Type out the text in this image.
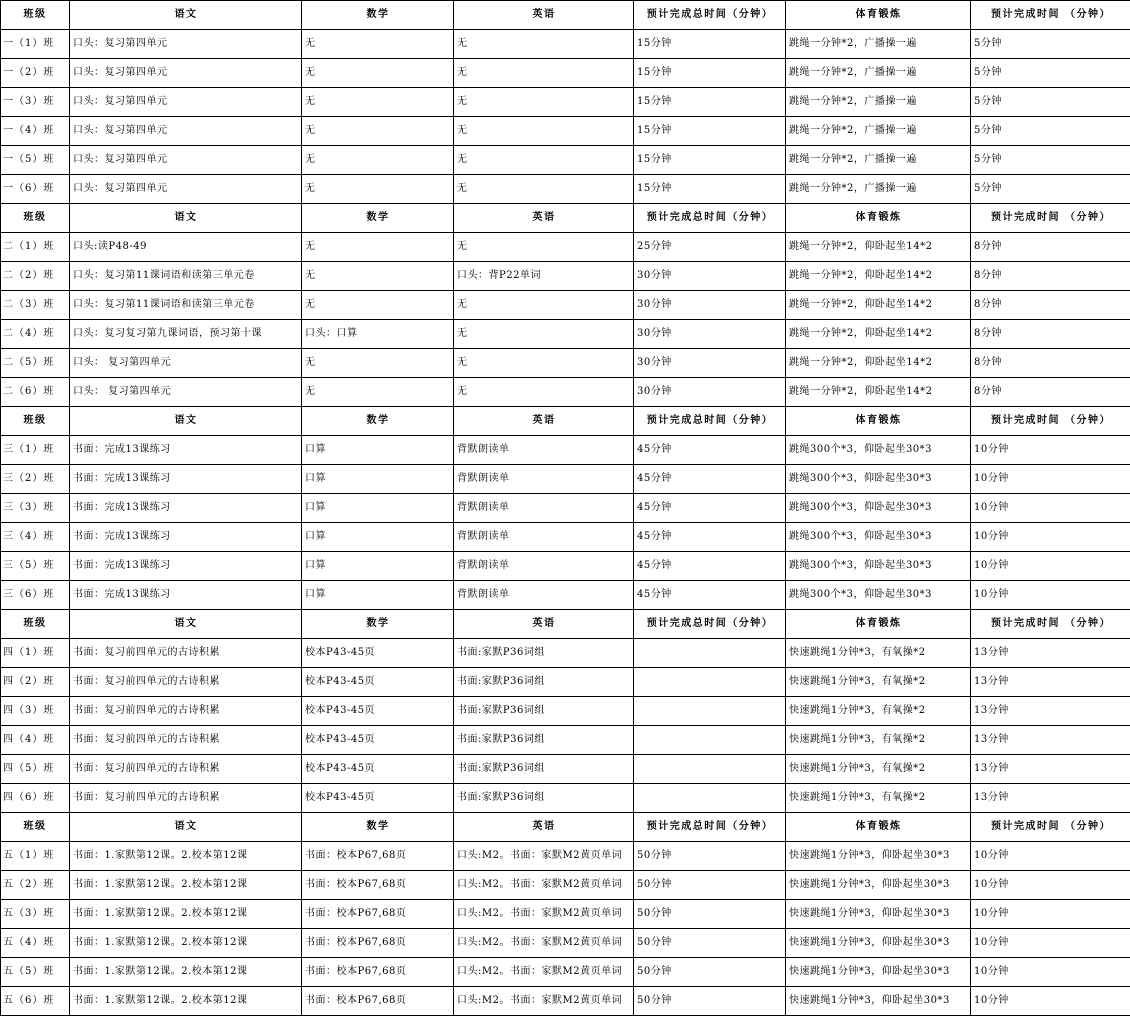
班级	语文	数学	英语	预计完成总时间（分钟）	体育锻炼	预计完成时间 （分钟）
一（1）班	口头：复习第四单元	无	无	15分钟	跳绳一分钟*2，广播操一遍	5分钟
一（2）班	口头：复习第四单元	无	无	15分钟	跳绳一分钟*2，广播操一遍	5分钟
一（3）班	口头：复习第四单元	无	无	15分钟	跳绳一分钟*2，广播操一遍	5分钟
一（4）班	口头：复习第四单元	无	无	15分钟	跳绳一分钟*2，广播操一遍	5分钟
一（5）班	口头：复习第四单元	无	无	15分钟	跳绳一分钟*2，广播操一遍	5分钟
一（6）班	口头：复习第四单元	无	无	15分钟	跳绳一分钟*2，广播操一遍	5分钟
班级	语文	数学	英语	预计完成总时间（分钟）	体育锻炼	预计完成时间 （分钟）
二（1）班	口头:读P48-49	无	无	25分钟	跳绳一分钟*2，仰卧起坐14*2	8分钟
二（2）班	口头：复习第11课词语和读第三单元卷	无	口头：背P22单词	30分钟	跳绳一分钟*2，仰卧起坐14*2	8分钟
二（3）班	口头：复习第11课词语和读第三单元卷	无	无	30分钟	跳绳一分钟*2，仰卧起坐14*2	8分钟
二（4）班	口头：复习复习第九课词语，预习第十课	口头：口算	无	30分钟	跳绳一分钟*2，仰卧起坐14*2	8分钟
二（5）班	口头： 复习第四单元	无	无	30分钟	跳绳一分钟*2，仰卧起坐14*2	8分钟
二（6）班	口头： 复习第四单元	无	无	30分钟	跳绳一分钟*2，仰卧起坐14*2	8分钟
班级	语文	数学	英语	预计完成总时间（分钟）	体育锻炼	预计完成时间 （分钟）
三（1）班	书面：完成13课练习	口算	背默朗读单	45分钟	跳绳300个*3，仰卧起坐30*3	10分钟
三（2）班	书面：完成13课练习	口算	背默朗读单	45分钟	跳绳300个*3，仰卧起坐30*3	10分钟
三（3）班	书面：完成13课练习	口算	背默朗读单	45分钟	跳绳300个*3，仰卧起坐30*3	10分钟
三（4）班	书面：完成13课练习	口算	背默朗读单	45分钟	跳绳300个*3，仰卧起坐30*3	10分钟
三（5）班	书面：完成13课练习	口算	背默朗读单	45分钟	跳绳300个*3，仰卧起坐30*3	10分钟
三（6）班	书面：完成13课练习	口算	背默朗读单	45分钟	跳绳300个*3，仰卧起坐30*3	10分钟
班级	语文	数学	英语	预计完成总时间（分钟）	体育锻炼	预计完成时间 （分钟）
四（1）班	书面：复习前四单元的古诗积累	校本P43-45页	书面:家默P36词组		快速跳绳1分钟*3，有氧操*2	13分钟
四（2）班	书面：复习前四单元的古诗积累	校本P43-45页	书面:家默P36词组		快速跳绳1分钟*3，有氧操*2	13分钟
四（3）班	书面：复习前四单元的古诗积累	校本P43-45页	书面:家默P36词组		快速跳绳1分钟*3，有氧操*2	13分钟
四（4）班	书面：复习前四单元的古诗积累	校本P43-45页	书面:家默P36词组		快速跳绳1分钟*3，有氧操*2	13分钟
四（5）班	书面：复习前四单元的古诗积累	校本P43-45页	书面:家默P36词组		快速跳绳1分钟*3，有氧操*2	13分钟
四（6）班	书面：复习前四单元的古诗积累	校本P43-45页	书面:家默P36词组		快速跳绳1分钟*3，有氧操*2	13分钟
班级	语文	数学	英语	预计完成总时间（分钟）	体育锻炼	预计完成时间 （分钟）
五（1）班	书面：1.家默第12课。2.校本第12课	书面：校本P67,68页	口头:M2。书面：家默M2黄页单词	50分钟	快速跳绳1分钟*3，仰卧起坐30*3	10分钟
五（2）班	书面：1.家默第12课。2.校本第12课	书面：校本P67,68页	口头:M2。书面：家默M2黄页单词	50分钟	快速跳绳1分钟*3，仰卧起坐30*3	10分钟
五（3）班	书面：1.家默第12课。2.校本第12课	书面：校本P67,68页	口头:M2。书面：家默M2黄页单词	50分钟	快速跳绳1分钟*3，仰卧起坐30*3	10分钟
五（4）班	书面：1.家默第12课。2.校本第12课	书面：校本P67,68页	口头:M2。书面：家默M2黄页单词	50分钟	快速跳绳1分钟*3，仰卧起坐30*3	10分钟
五（5）班	书面：1.家默第12课。2.校本第12课	书面：校本P67,68页	口头:M2。书面：家默M2黄页单词	50分钟	快速跳绳1分钟*3，仰卧起坐30*3	10分钟
五（6）班	书面：1.家默第12课。2.校本第12课	书面：校本P67,68页	口头:M2。书面：家默M2黄页单词	50分钟	快速跳绳1分钟*3，仰卧起坐30*3	10分钟
